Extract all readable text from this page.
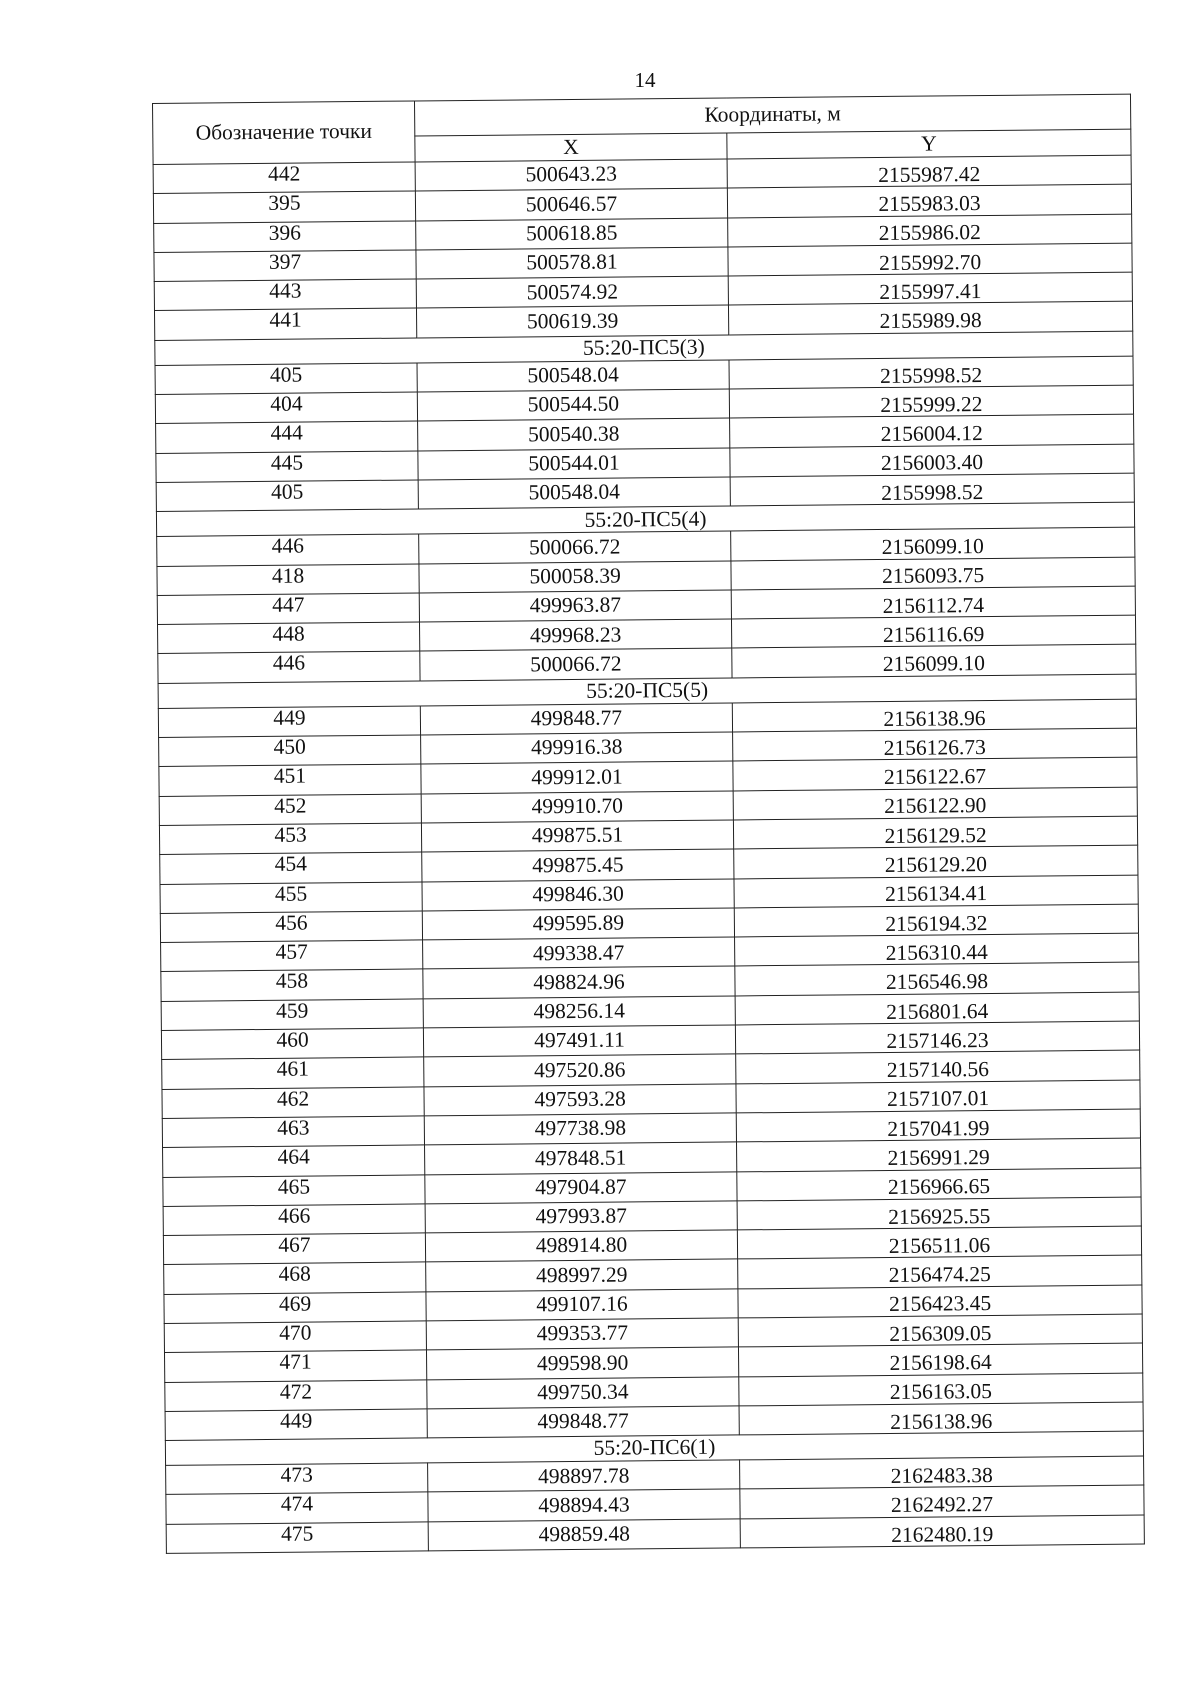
14
Обозначение точки	Координаты, м	
	X	Y
442	500643.23	2155987.42
395	500646.57	2155983.03
396	500618.85	2155986.02
397	500578.81	2155992.70
443	500574.92	2155997.41
441	500619.39	2155989.98
55:20-ПС5(3)		
405	500548.04	2155998.52
404	500544.50	2155999.22
444	500540.38	2156004.12
445	500544.01	2156003.40
405	500548.04	2155998.52
55:20-ПС5(4)		
446	500066.72	2156099.10
418	500058.39	2156093.75
447	499963.87	2156112.74
448	499968.23	2156116.69
446	500066.72	2156099.10
55:20-ПС5(5)		
449	499848.77	2156138.96
450	499916.38	2156126.73
451	499912.01	2156122.67
452	499910.70	2156122.90
453	499875.51	2156129.52
454	499875.45	2156129.20
455	499846.30	2156134.41
456	499595.89	2156194.32
457	499338.47	2156310.44
458	498824.96	2156546.98
459	498256.14	2156801.64
460	497491.11	2157146.23
461	497520.86	2157140.56
462	497593.28	2157107.01
463	497738.98	2157041.99
464	497848.51	2156991.29
465	497904.87	2156966.65
466	497993.87	2156925.55
467	498914.80	2156511.06
468	498997.29	2156474.25
469	499107.16	2156423.45
470	499353.77	2156309.05
471	499598.90	2156198.64
472	499750.34	2156163.05
449	499848.77	2156138.96
55:20-ПС6(1)		
473	498897.78	2162483.38
474	498894.43	2162492.27
475	498859.48	2162480.19
